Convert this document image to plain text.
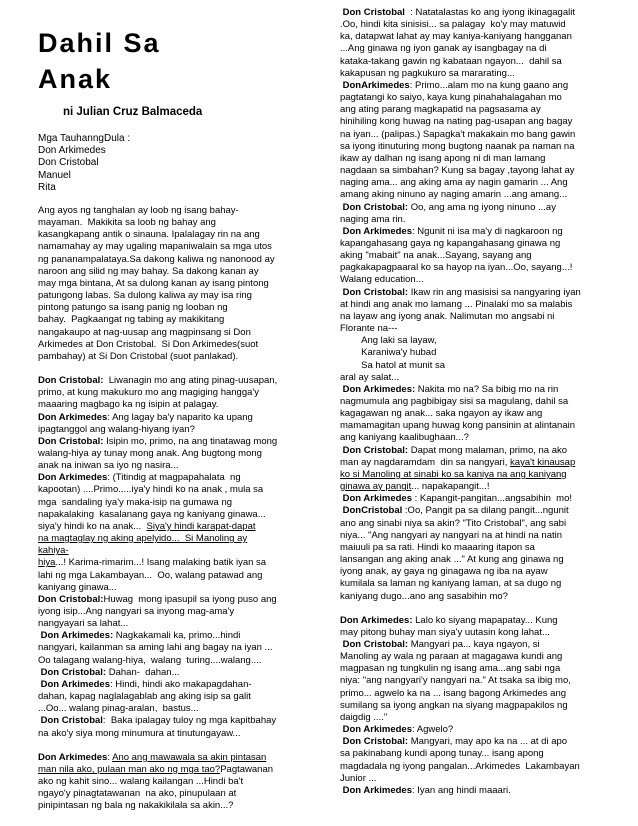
Dahil Sa
Anak
ni Julian Cruz Balmaceda
Mga TauhanngDula :
Don Arkimedes
Don Cristobal
Manuel
Rita
Ang ayos ng tanghalan ay loob ng isang bahay-
mayaman.  Makikita sa loob ng bahay ang
kasangkapang antik o sinauna. Ipalalagay rin na ang
namamahay ay may ugaling mapaniwalain sa mga utos
ng pananampalataya.Sa dakong kaliwa ng nanonood ay
naroon ang silid ng may bahay. Sa dakong kanan ay
may mga bintana, At sa dulong kanan ay isang pintong
patungong labas. Sa dulong kaliwa ay may isa ring
pintong patungo sa isang panig ng looban ng
bahay.  Pagkaangat ng tabing ay makikitang
nangakaupo at nag-uusap ang magpinsang si Don
Arkimedes at Don Cristobal.  Si Don Arkimedes(suot
pambahay) at Si Don Cristobal (suot panlakad).
Don Cristobal:  Liwanagin mo ang ating pinag-uusapan,
primo, at kung makukuro mo ang magiging hangga'y
maaaring magbago ka ng isipin at palagay.
Don Arkimedes: Ang lagay ba'y naparito ka upang
ipagtanggol ang walang-hiyang iyan?
Don Cristobal: Isipin mo, primo, na ang tinatawag mong
walang-hiya ay tunay mong anak. Ang bugtong mong
anak na iniwan sa iyo ng nasira...
Don Arkimedes: (Titindig at magpapahalata  ng
kapootan) ....Primo.....iya'y hindi ko na anak , mula sa
mga  sandaling iya'y maka-isip na gumawa ng
napakalaking  kasalanang gaya ng kaniyang ginawa...
siya'y hindi ko na anak...  Siya'y hindi karapat-dapat
na magtaglay ng aking apelyido...  Si Manoling ay
kahiya-
hiya...! Karima-rimarim...! Isang malaking batik iyan sa
lahi ng mga Lakambayan...  Oo, walang patawad ang
kaniyang ginawa...
Don Cristobal:Huwag  mong ipasupil sa iyong puso ang
iyong isip...Ang nangyari sa inyong mag-ama'y
nangyayari sa lahat...
Don Arkimedes: Nagkakamali ka, primo...hindi
nangyari, kailanman sa aming lahi ang bagay na iyan ...
Oo talagang walang-hiya,  walang  turing....walang....
Don Cristobal: Dahan-  dahan...
Don Arkimedes: Hindi, hindi ako makapagdahan-
dahan, kapag naglalagablab ang aking isip sa galit
...Oo... walang pinag-aralan,  bastus...
Don Cristobal:  Baka ipalagay tuloy ng mga kapitbahay
na ako'y siya mong minumura at tinutungayaw...
Don Arkimedes: Ano ang mawawala sa akin pintasan
man nila ako, pulaan man ako ng mga tao?Pagtawanan
ako ng kahit sino... walang kailangan ...Hindi ba't
ngayo'y pinagtatawanan  na ako, pinupulaan at
pinipintasan ng bala ng nakakikilala sa akin...?
Don Cristobal  : Natatalastas ko ang iyong ikinagagalit
.Oo, hindi kita sinisisi... sa palagay  ko'y may matuwid
ka, datapwat lahat ay may kaniya-kaniyang hangganan
...Ang ginawa ng iyon ganak ay isangbagay na di
kataka-takang gawin ng kabataan ngayon...  dahil sa
kakapusan ng pagkukuro sa mararating...
DonArkimedes: Primo...alam mo na kung gaano ang
pagtatangi ko saiyo, kaya kung pinahahalagahan mo
ang ating parang magkapatid na pagsasama ay
hinihiling kong huwag na nating pag-usapan ang bagay
na iyan... (palipas.) Sapagka't makakain mo bang gawin
sa iyong itinuturing mong bugtong naanak pa naman na
ikaw ay dalhan ng isang apong ni di man lamang
nagdaan sa simbahan? Kung sa bagay ,tayong lahat ay
naging ama... ang aking ama ay nagin gamarin ... Ang
amang aking ninuno ay naging amarin ...ang amang...
Don Cristobal: Oo, ang ama ng iyong ninuno ...ay
naging ama rin.
Don Arkimedes: Ngunit ni isa ma'y di nagkaroon ng
kapangahasang gaya ng kapangahasang ginawa ng
aking "mabait" na anak...Sayang, sayang ang
pagkakapagpaaral ko sa hayop na iyan...Oo, sayang...!
Walang education...
Don Cristobal: Ikaw rin ang masisisi sa nangyaring iyan
at hindi ang anak mo lamang ... Pinalaki mo sa malabis
na layaw ang iyong anak. Nalimutan mo angsabi ni
Florante na---
Ang laki sa layaw,
Karaniwa'y hubad
Sa hatol at munit sa
aral ay salat...
Don Arkimedes: Nakita mo na? Sa bibig mo na rin
nagmumula ang pagbibigay sisi sa magulang, dahil sa
kagagawan ng anak... saka ngayon ay ikaw ang
mamamagitan upang huwag kong pansinin at alintanain
ang kaniyang kaalibughaan...?
Don Cristobal: Dapat mong malaman, primo, na ako
man ay nagdaramdam  din sa nangyari, kaya't kinausap
ko si Manoling at sinabi ko sa kaniya na ang kaniyang
ginawa ay pangit... napakapangit...!
Don Arkimedes : Kapangit-pangitan...angsabihin  mo!
DonCristobal :Oo, Pangit pa sa dilang pangit...ngunit
ano ang sinabi niya sa akin? "Tito Cristobal", ang sabi
niya... "Ang nangyari ay nangyari na at hindi na natin
maiuuli pa sa rati. Hindi ko maaaring itapon sa
lansangan ang aking anak ..." At kung ang ginawa ng
iyong anak, ay gaya ng ginagawa ng iba na ayaw
kumilala sa laman ng kaniyang laman, at sa dugo ng
kaniyang dugo...ano ang sasabihin mo?
Don Arkimedes: Lalo ko siyang mapapatay... Kung
may pitong buhay man siya'y uutasin kong lahat...
Don Cristobal: Mangyari pa... kaya ngayon, si
Manoling ay wala ng paraan at magagawa kundi ang
magpasan ng tungkulin ng isang ama...ang sabi nga
niya: "ang nangyari'y nangyari na." At tsaka sa ibig mo,
primo... agwelo ka na ... isang bagong Arkimedes ang
sumilang sa iyong angkan na siyang magpapakilos ng
daigdig ...."
Don Arkimedes: Agwelo?
Don Cristobal: Mangyari, may apo ka na ... at di apo
sa pakinabang kundi apong tunay... isang apong
magdadala ng iyong pangalan...Arkimedes  Lakambayan
Junior ...
Don Arkimedes: Iyan ang hindi maaari.
